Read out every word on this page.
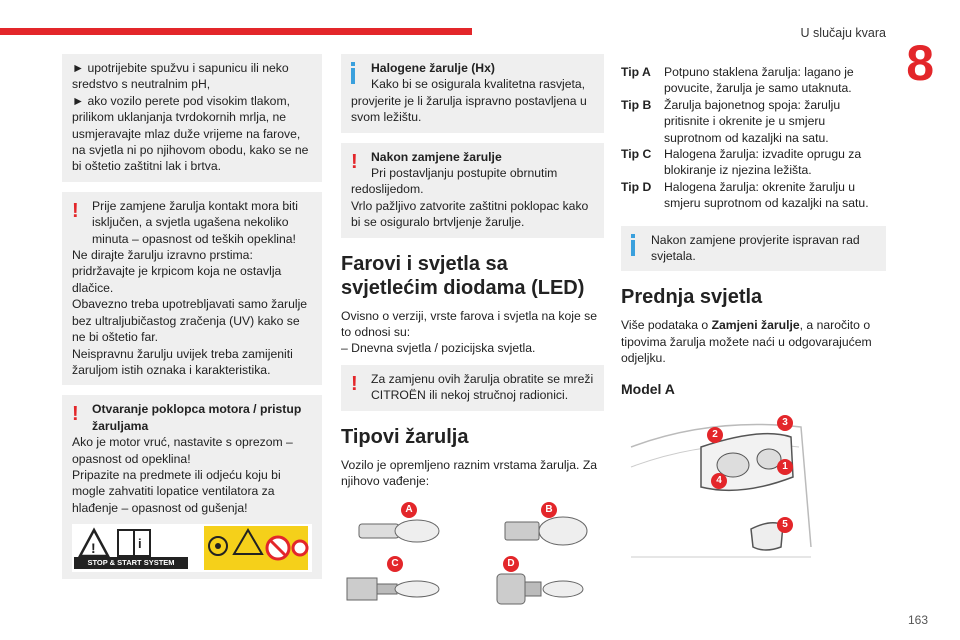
U slučaju kvara
8
163

► upotrijebite spužvu i sapunicu ili neko sredstvo s neutralnim pH,

► ako vozilo perete pod visokim tlakom, prilikom uklanjanja tvrdokornih mrlja, ne usmjeravajte mlaz duže vrijeme na farove, na svjetla ni po njihovom obodu, kako se ne bi oštetio zaštitni lak i brtva.

!	Prije zamjene žarulja kontakt mora biti isključen, a svjetla ugašena nekoliko minuta – opasnost od teških opeklina!

Ne dirajte žarulju izravno prstima: pridržavajte je krpicom koja ne ostavlja dlačice.

Obavezno treba upotrebljavati samo žarulje bez ultraljubičastog zračenja (UV) kako se ne bi oštetio far.

Neispravnu žarulju uvijek treba zamijeniti žaruljom istih oznaka i karakteristika.

!	Otvaranje poklopca motora / pristup žaruljama

Ako je motor vruć, nastavite s oprezom – opasnost od opeklina!

Pripazite na predmete ili odjeću koju bi mogle zahvatiti lopatice ventilatora za hlađenje – opasnost od gušenja!

!	i
STOP & START SYSTEM

Halogene žarulje (Hx)

Kako bi se osigurala kvalitetna rasvjeta, provjerite je li žarulja ispravno postavljena u svom ležištu.

!	Nakon zamjene žarulje

Pri postavljanju postupite obrnutim redoslijedom.

Vrlo pažljivo zatvorite zaštitni poklopac kako bi se osiguralo brtvljenje žarulje.

Farovi i svjetla sa svjetlećim diodama (LED)

Ovisno o verziji, vrste farova i svjetla na koje se to odnosi su:

– Dnevna svjetla / pozicijska svjetla.

!	Za zamjenu ovih žarulja obratite se mreži CITROËN ili nekoj stručnoj radionici.

Tipovi žarulja

Vozilo je opremljeno raznim vrstama žarulja. Za njihovo vađenje:

A	B
C	D
Tip A	Potpuno staklena žarulja: lagano je povucite, žarulja je samo utaknuta.
Tip B	Žarulja bajonetnog spoja: žarulju pritisnite i okrenite je u smjeru suprotnom od kazaljki na satu.
Tip C	Halogena žarulja: izvadite oprugu za blokiranje iz njezina ležišta.
Tip D	Halogena žarulja: okrenite žarulju u smjeru suprotnom od kazaljki na satu.

Nakon zamjene provjerite ispravan rad svjetala.

Prednja svjetla

Više podataka o Zamjeni žarulje, a naročito o tipovima žarulja možete naći u odgovarajućem odjeljku.

Model A
1
2
3
4
5
